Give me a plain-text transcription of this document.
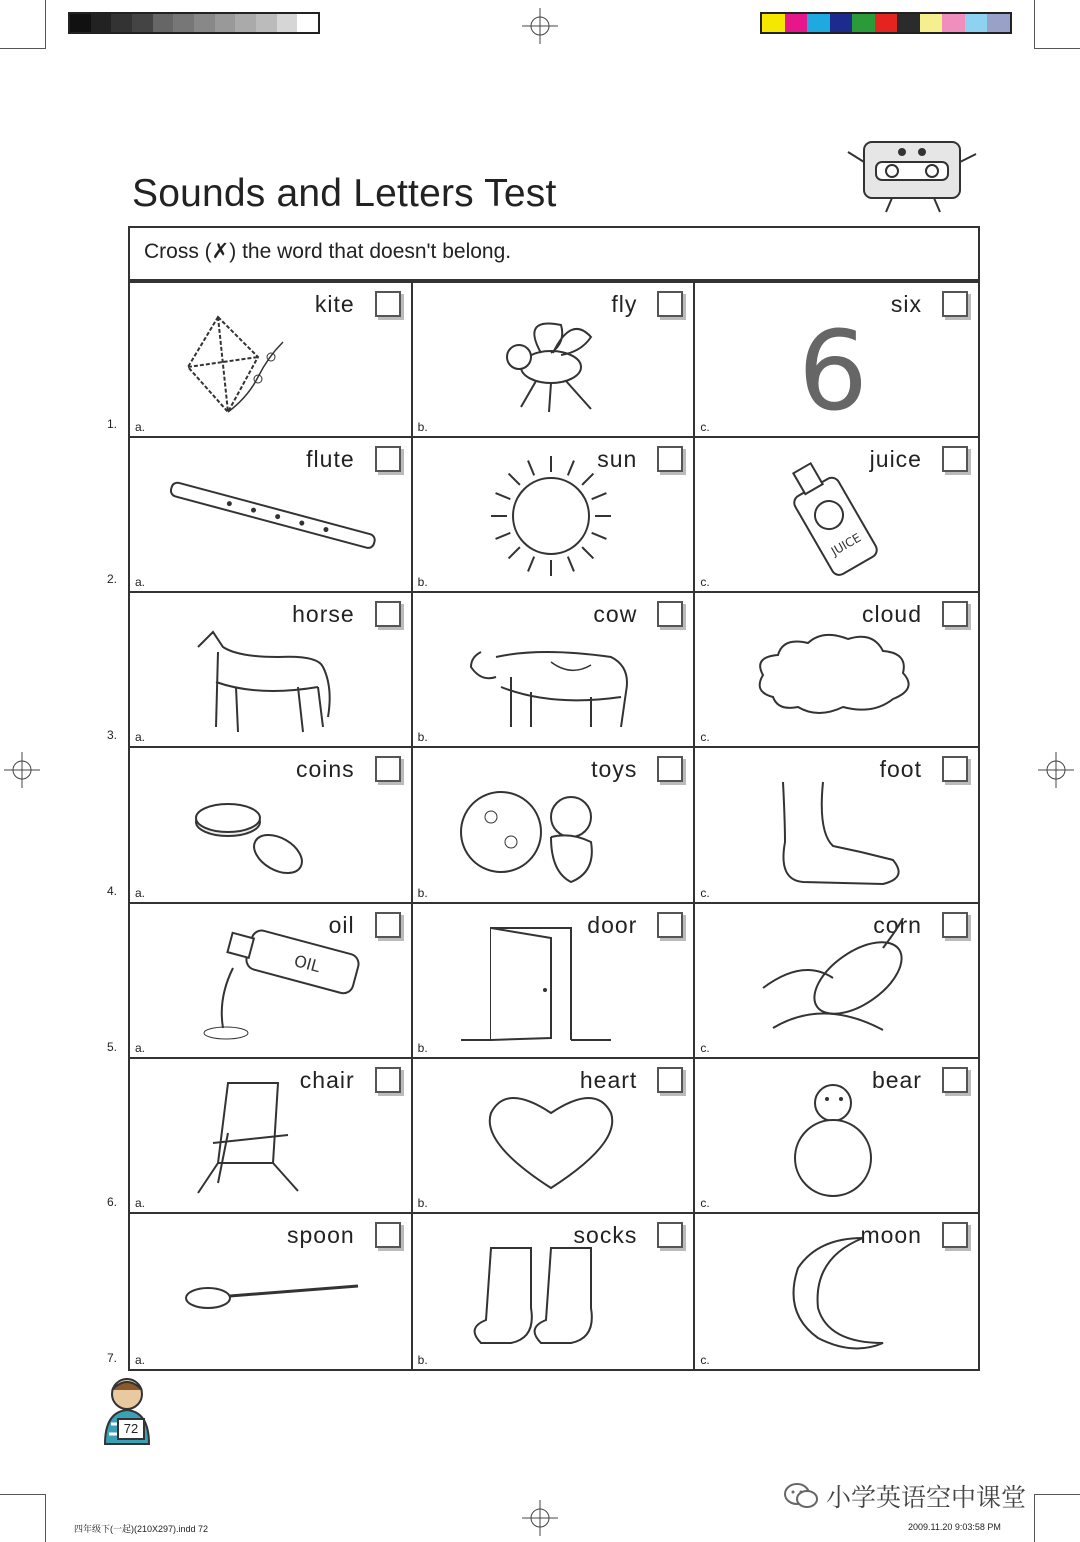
Sounds and Letters Test
Cross (✗) the word that doesn't belong.
kite
a.
fly
b.
six
c. 6
flute
a.
sun
b.
juice
c.
JUICE
horse
a.
cow
b.
cloud
c.
coins
a.
toys
b.
foot
c.
oil
a.
OIL
door
b.
corn
c.
chair
a.
heart
b.
bear
c.
spoon
a.
socks
b.
moon
c.
1.
2.
3.
4.
5.
6.
7.
72
小学英语空中课堂
四年级下(一起)(210X297).indd 72	2009.11.20 9:03:58 PM
